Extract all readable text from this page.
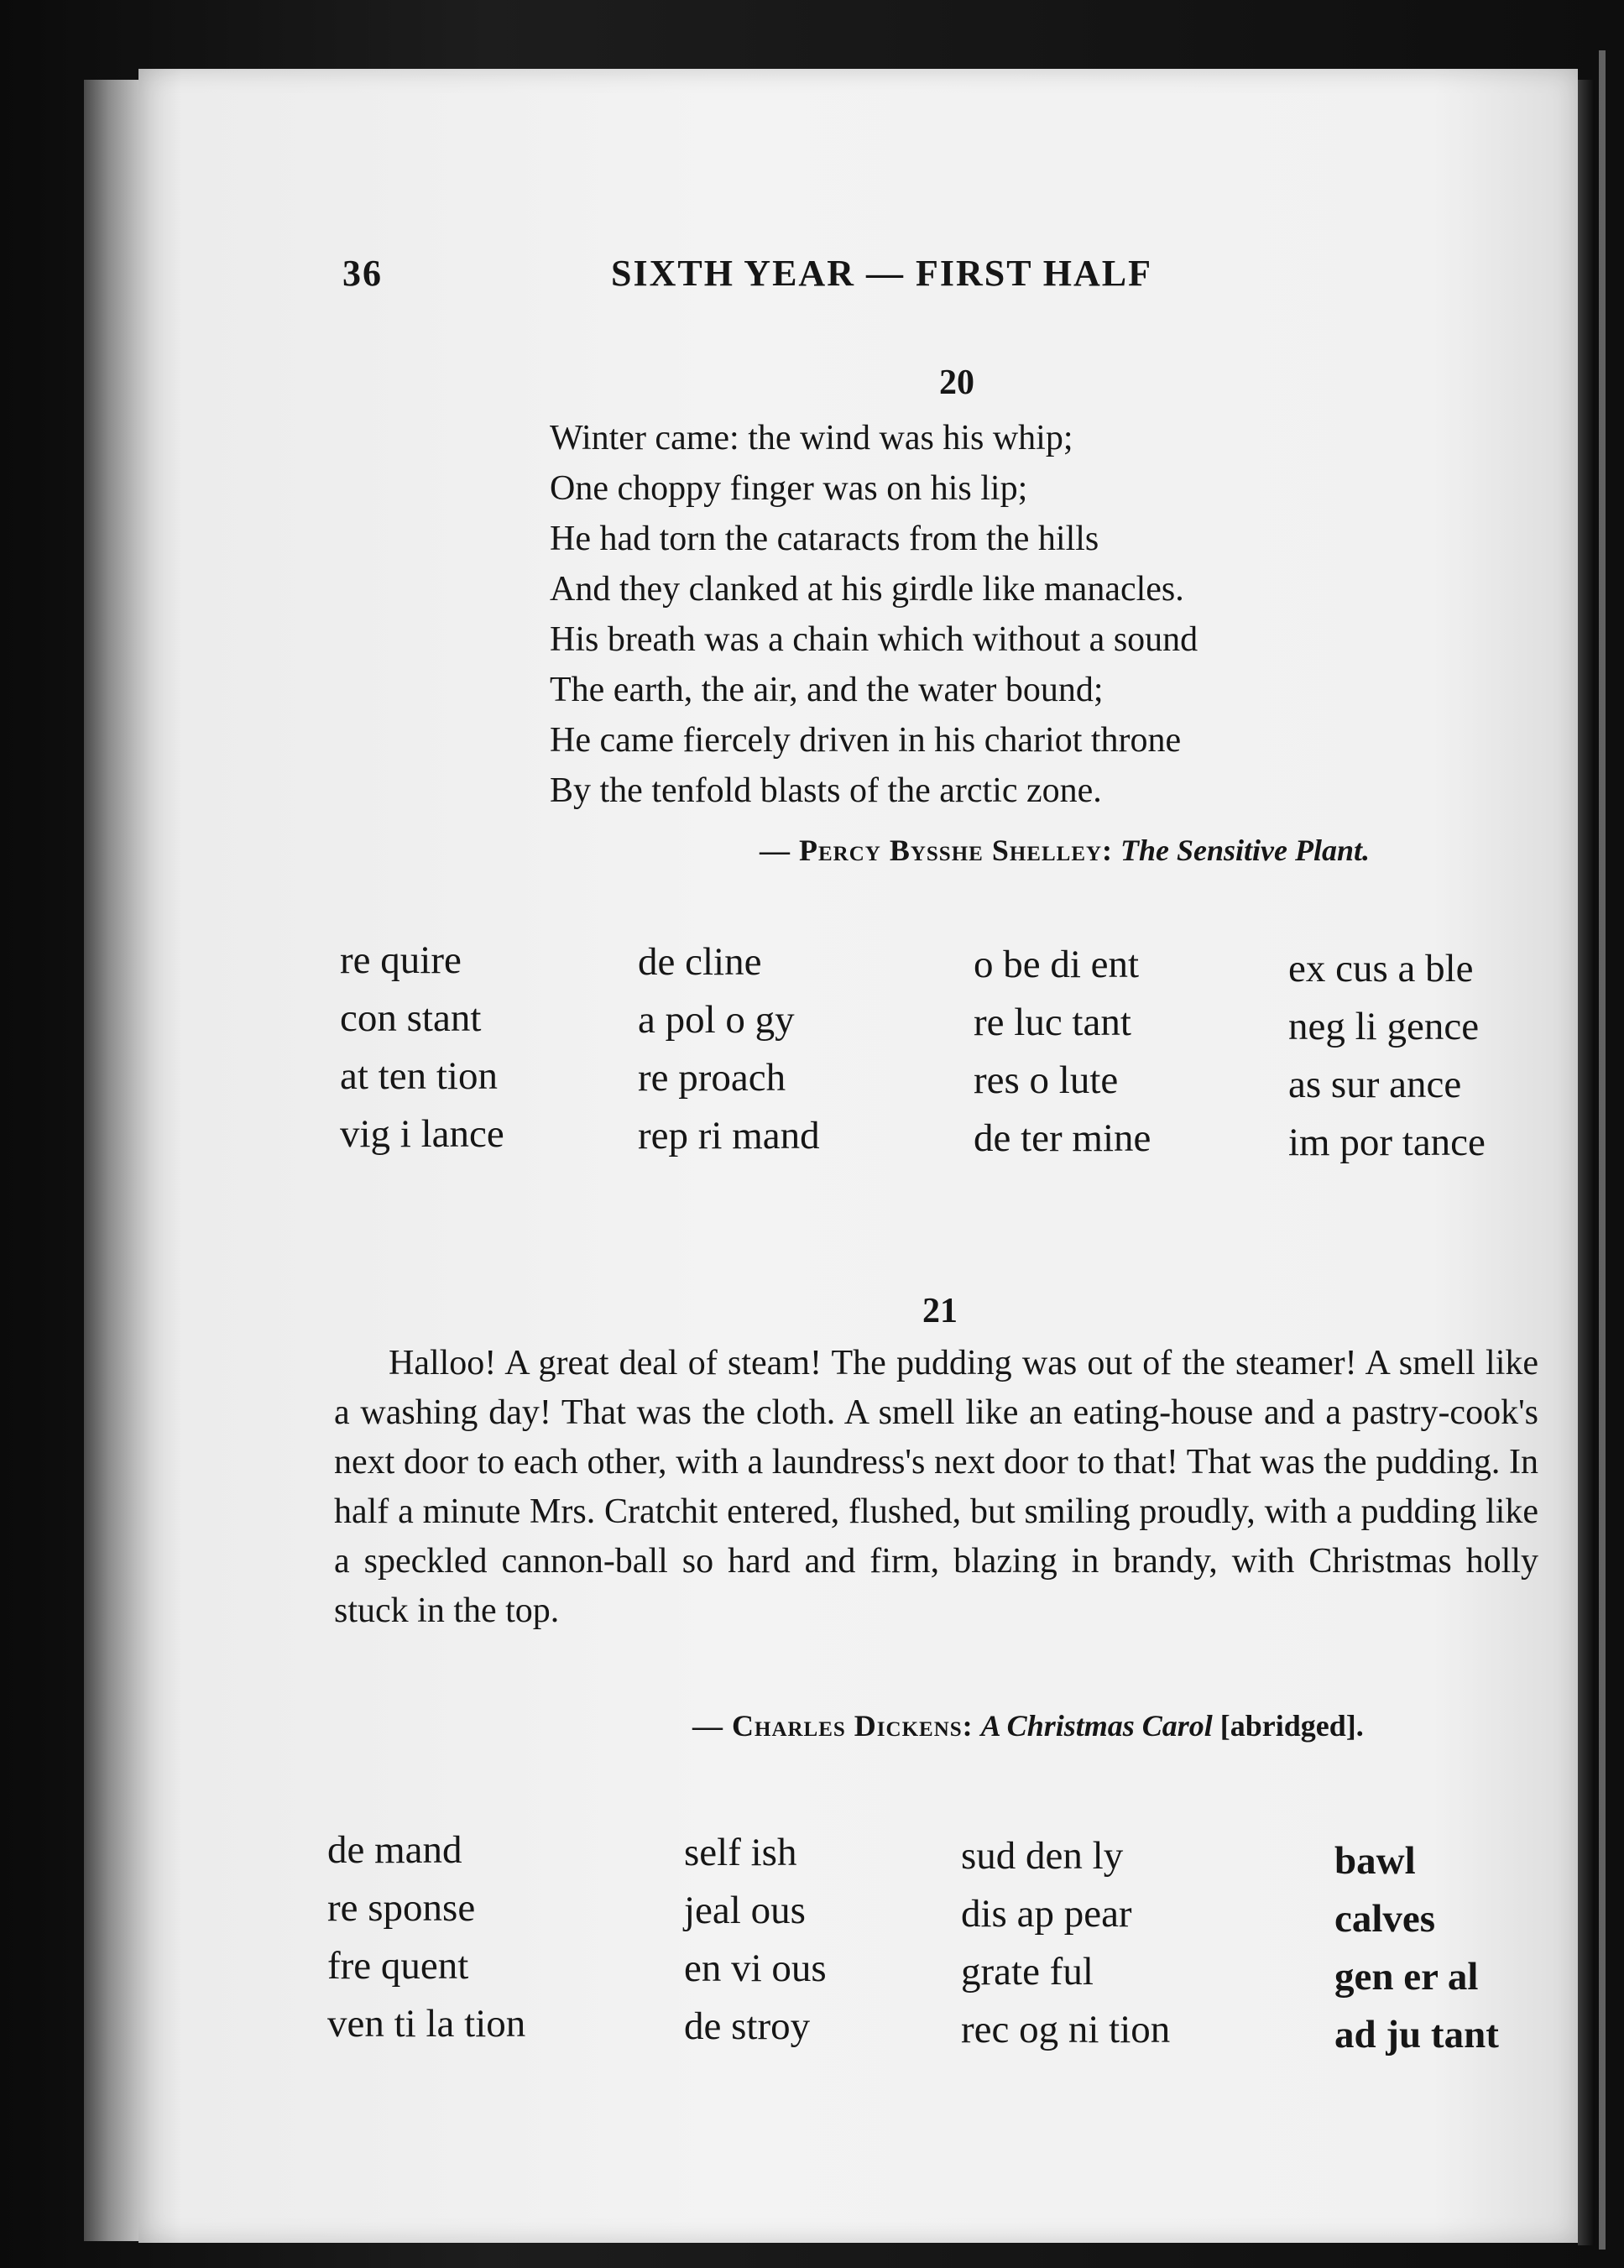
36	SIXTH YEAR — FIRST HALF
20
Winter came: the wind was his whip;
One choppy finger was on his lip;
He had torn the cataracts from the hills
And they clanked at his girdle like manacles.
His breath was a chain which without a sound
The earth, the air, and the water bound;
He came fiercely driven in his chariot throne
By the tenfold blasts of the arctic zone.
— Percy Bysshe Shelley: The Sensitive Plant.
re quire
con stant
at ten tion
vig i lance
de cline
a pol o gy
re proach
rep ri mand
o be di ent
re luc tant
res o lute
de ter mine
ex cus a ble
neg li gence
as sur ance
im por tance
21

Halloo! A great deal of steam! The pudding was out of the steamer! A smell like a washing day! That was the cloth. A smell like an eating-house and a pastry-cook's next door to each other, with a laundress's next door to that! That was the pudding. In half a minute Mrs. Cratchit entered, flushed, but smiling proudly, with a pudding like a speckled cannon-ball so hard and firm, blazing in brandy, with Christmas holly stuck in the top.

— Charles Dickens: A Christmas Carol [abridged].
de mand
re sponse
fre quent
ven ti la tion
self ish
jeal ous
en vi ous
de stroy
sud den ly
dis ap pear
grate ful
rec og ni tion
bawl
calves
gen er al
ad ju tant
